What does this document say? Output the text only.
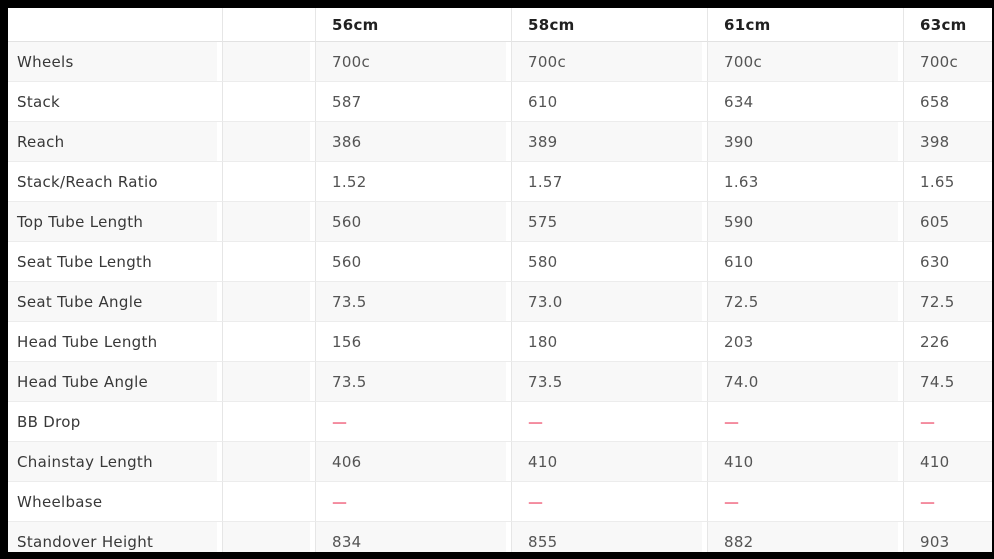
		56cm	58cm	61cm	63cm
Wheels		700c	700c	700c	700c
Stack		587	610	634	658
Reach		386	389	390	398
Stack/Reach Ratio		1.52	1.57	1.63	1.65
Top Tube Length		560	575	590	605
Seat Tube Length		560	580	610	630
Seat Tube Angle		73.5	73.0	72.5	72.5
Head Tube Length		156	180	203	226
Head Tube Angle		73.5	73.5	74.0	74.5
BB Drop		—	—	—	—
Chainstay Length		406	410	410	410
Wheelbase		—	—	—	—
Standover Height		834	855	882	903
